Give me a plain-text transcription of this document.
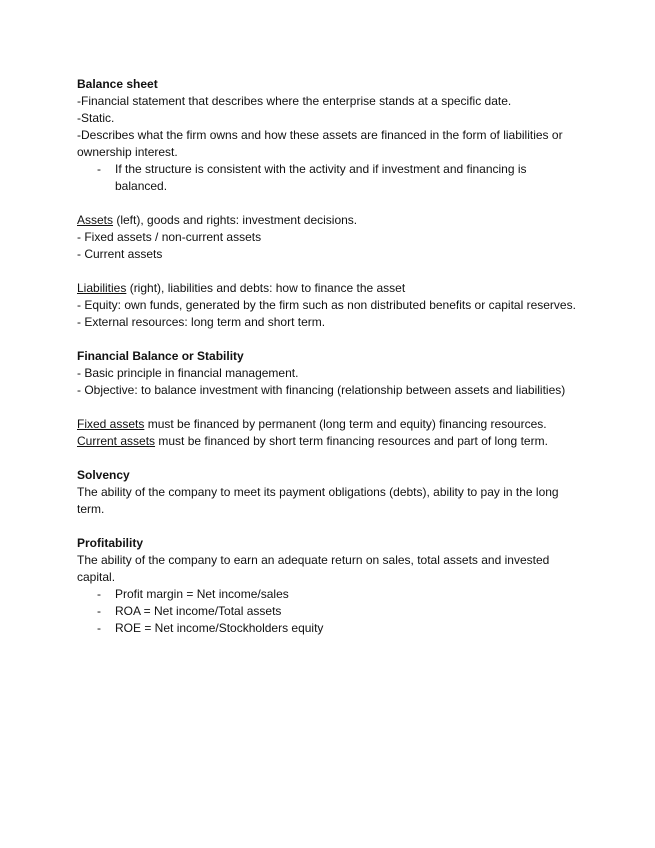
Balance sheet

-Financial statement that describes where the enterprise stands at a specific date.

-Static.

-Describes what the firm owns and how these assets are financed in the form of liabilities or ownership interest.

- If the structure is consistent with the activity and if investment and financing is balanced.

Assets (left), goods and rights: investment decisions.

- Fixed assets / non-current assets

- Current assets

Liabilities (right), liabilities and debts: how to finance the asset

- Equity: own funds, generated by the firm such as non distributed benefits or capital reserves.

- External resources: long term and short term.

Financial Balance or Stability

- Basic principle in financial management.

- Objective: to balance investment with financing (relationship between assets and liabilities)

Fixed assets must be financed by permanent (long term and equity) financing resources.

Current assets must be financed by short term financing resources and part of long term.

Solvency

The ability of the company to meet its payment obligations (debts), ability to pay in the long term.

Profitability

The ability of the company to earn an adequate return on sales, total assets and invested capital.

- Profit margin = Net income/sales
- ROA = Net income/Total assets
- ROE = Net income/Stockholders equity
